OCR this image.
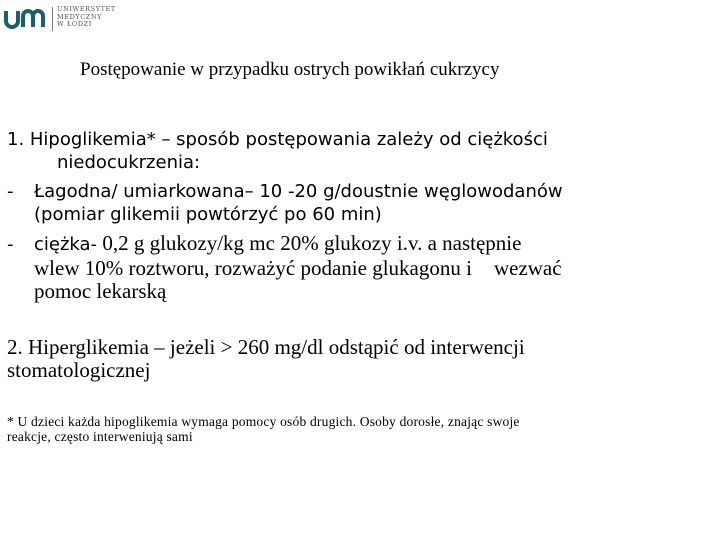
UNIWERSYTET
MEDYCZNY
W ŁODZI
Postępowanie w przypadku ostrych powikłań cukrzycy
1. Hipoglikemia* – sposób postępowania zależy od ciężkości
niedocukrzenia:
- Łagodna/ umiarkowana– 10 -20 g/doustnie węglowodanów
(pomiar glikemii powtórzyć po 60 min)
- ciężka- 0,2 g glukozy/kg mc 20% glukozy i.v. a następnie
wlew 10% roztworu, rozważyć podanie glukagonu i wezwać
pomoc lekarską
2. Hiperglikemia – jeżeli > 260 mg/dl odstąpić od interwencji
stomatologicznej
* U dzieci każda hipoglikemia wymaga pomocy osób drugich. Osoby dorosłe, znając swoje
reakcje, często interweniują sami
